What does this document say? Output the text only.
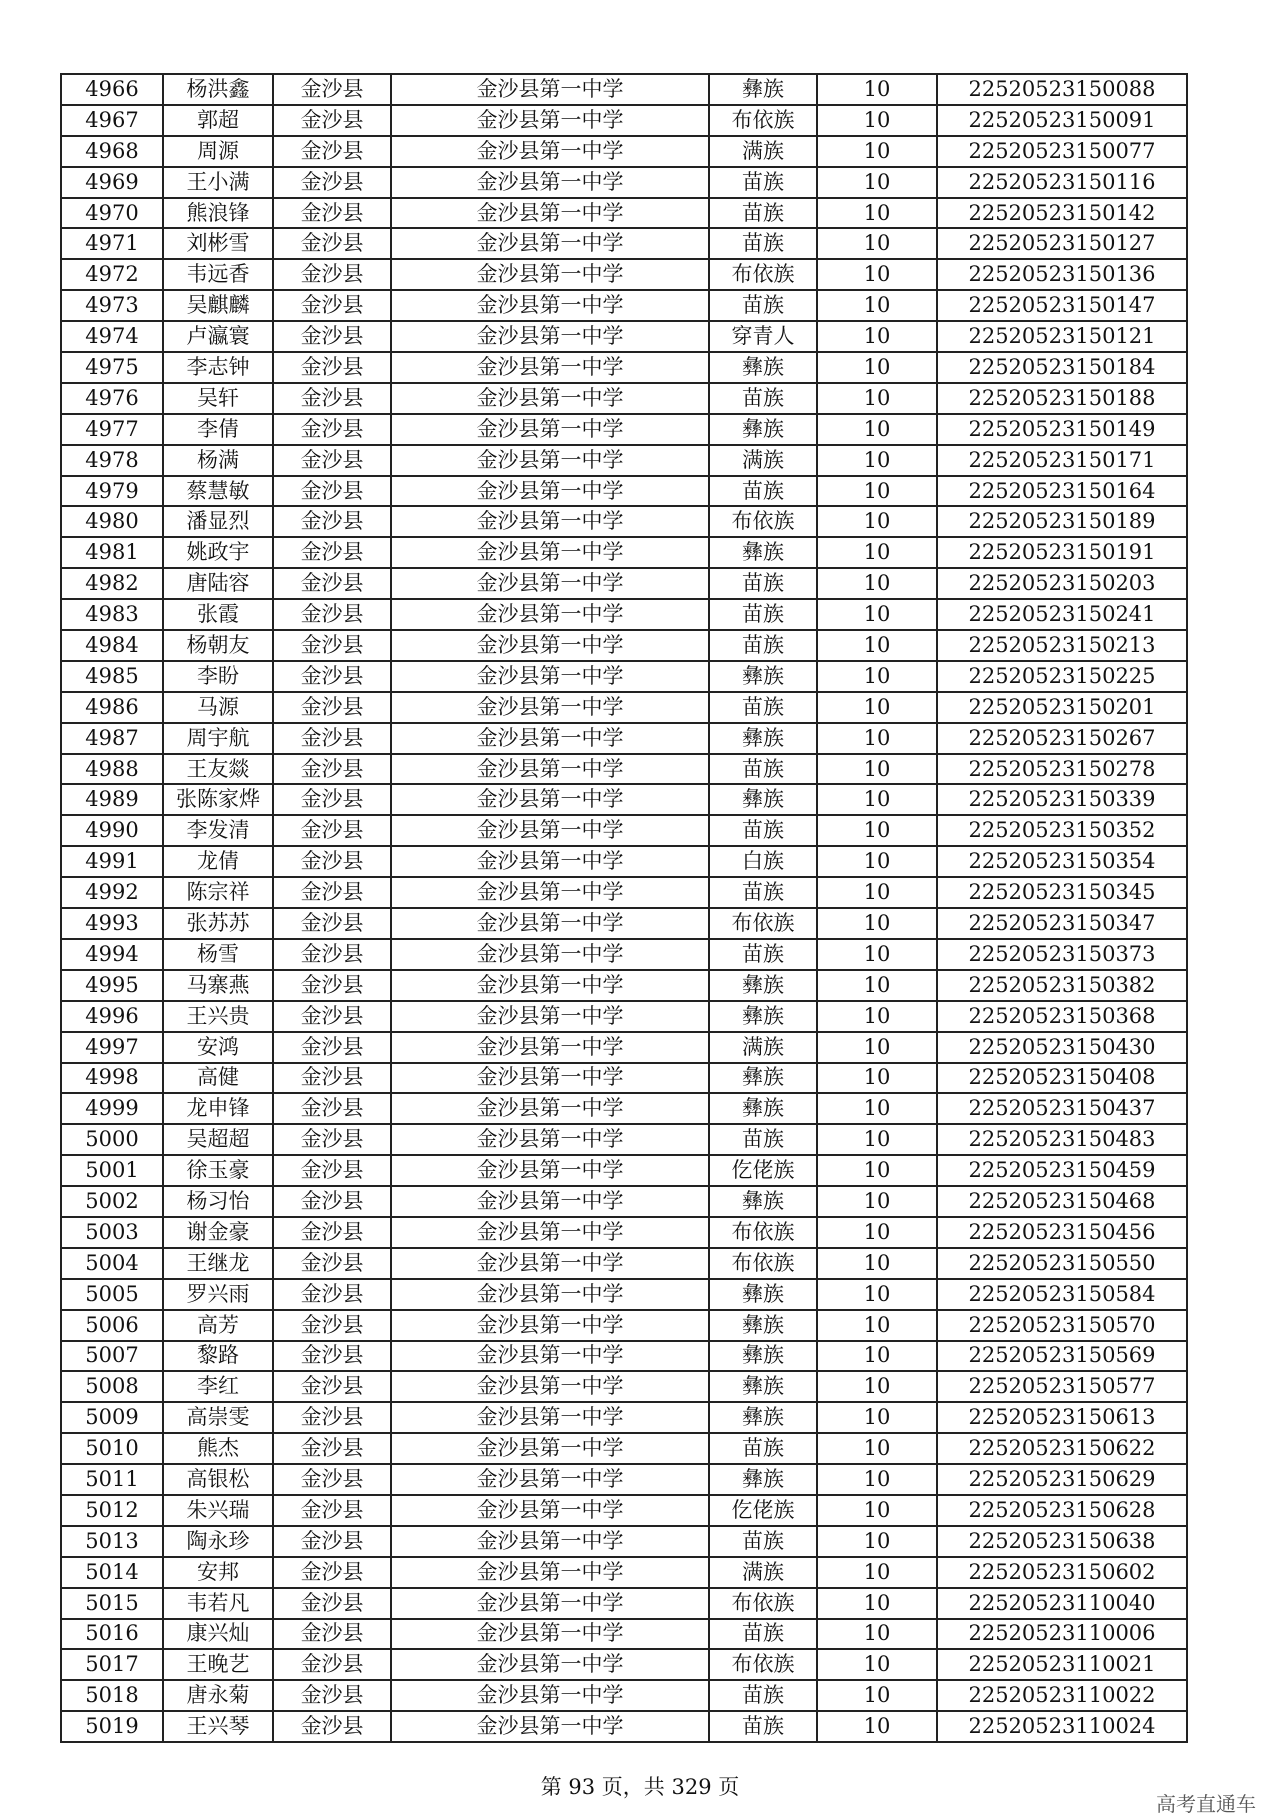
4966	杨洪鑫	金沙县	金沙县第一中学	彝族	10	22520523150088
4967	郭超	金沙县	金沙县第一中学	布依族	10	22520523150091
4968	周源	金沙县	金沙县第一中学	满族	10	22520523150077
4969	王小满	金沙县	金沙县第一中学	苗族	10	22520523150116
4970	熊浪锋	金沙县	金沙县第一中学	苗族	10	22520523150142
4971	刘彬雪	金沙县	金沙县第一中学	苗族	10	22520523150127
4972	韦远香	金沙县	金沙县第一中学	布依族	10	22520523150136
4973	吴麒麟	金沙县	金沙县第一中学	苗族	10	22520523150147
4974	卢瀛寰	金沙县	金沙县第一中学	穿青人	10	22520523150121
4975	李志钟	金沙县	金沙县第一中学	彝族	10	22520523150184
4976	吴轩	金沙县	金沙县第一中学	苗族	10	22520523150188
4977	李倩	金沙县	金沙县第一中学	彝族	10	22520523150149
4978	杨满	金沙县	金沙县第一中学	满族	10	22520523150171
4979	蔡慧敏	金沙县	金沙县第一中学	苗族	10	22520523150164
4980	潘显烈	金沙县	金沙县第一中学	布依族	10	22520523150189
4981	姚政宇	金沙县	金沙县第一中学	彝族	10	22520523150191
4982	唐陆容	金沙县	金沙县第一中学	苗族	10	22520523150203
4983	张霞	金沙县	金沙县第一中学	苗族	10	22520523150241
4984	杨朝友	金沙县	金沙县第一中学	苗族	10	22520523150213
4985	李盼	金沙县	金沙县第一中学	彝族	10	22520523150225
4986	马源	金沙县	金沙县第一中学	苗族	10	22520523150201
4987	周宇航	金沙县	金沙县第一中学	彝族	10	22520523150267
4988	王友燚	金沙县	金沙县第一中学	苗族	10	22520523150278
4989	张陈家烨	金沙县	金沙县第一中学	彝族	10	22520523150339
4990	李发清	金沙县	金沙县第一中学	苗族	10	22520523150352
4991	龙倩	金沙县	金沙县第一中学	白族	10	22520523150354
4992	陈宗祥	金沙县	金沙县第一中学	苗族	10	22520523150345
4993	张苏苏	金沙县	金沙县第一中学	布依族	10	22520523150347
4994	杨雪	金沙县	金沙县第一中学	苗族	10	22520523150373
4995	马寨燕	金沙县	金沙县第一中学	彝族	10	22520523150382
4996	王兴贵	金沙县	金沙县第一中学	彝族	10	22520523150368
4997	安鸿	金沙县	金沙县第一中学	满族	10	22520523150430
4998	高健	金沙县	金沙县第一中学	彝族	10	22520523150408
4999	龙申锋	金沙县	金沙县第一中学	彝族	10	22520523150437
5000	吴超超	金沙县	金沙县第一中学	苗族	10	22520523150483
5001	徐玉豪	金沙县	金沙县第一中学	仡佬族	10	22520523150459
5002	杨习怡	金沙县	金沙县第一中学	彝族	10	22520523150468
5003	谢金豪	金沙县	金沙县第一中学	布依族	10	22520523150456
5004	王继龙	金沙县	金沙县第一中学	布依族	10	22520523150550
5005	罗兴雨	金沙县	金沙县第一中学	彝族	10	22520523150584
5006	高芳	金沙县	金沙县第一中学	彝族	10	22520523150570
5007	黎路	金沙县	金沙县第一中学	彝族	10	22520523150569
5008	李红	金沙县	金沙县第一中学	彝族	10	22520523150577
5009	高崇雯	金沙县	金沙县第一中学	彝族	10	22520523150613
5010	熊杰	金沙县	金沙县第一中学	苗族	10	22520523150622
5011	高银松	金沙县	金沙县第一中学	彝族	10	22520523150629
5012	朱兴瑞	金沙县	金沙县第一中学	仡佬族	10	22520523150628
5013	陶永珍	金沙县	金沙县第一中学	苗族	10	22520523150638
5014	安邦	金沙县	金沙县第一中学	满族	10	22520523150602
5015	韦若凡	金沙县	金沙县第一中学	布依族	10	22520523110040
5016	康兴灿	金沙县	金沙县第一中学	苗族	10	22520523110006
5017	王晚艺	金沙县	金沙县第一中学	布依族	10	22520523110021
5018	唐永菊	金沙县	金沙县第一中学	苗族	10	22520523110022
5019	王兴琴	金沙县	金沙县第一中学	苗族	10	22520523110024
第 93 页，共 329 页
高考直通车
